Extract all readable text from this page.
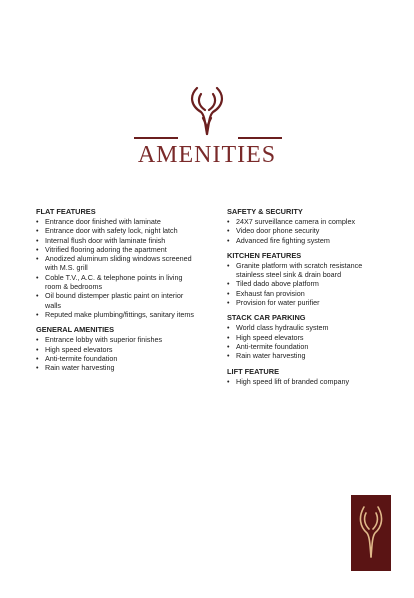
AMENITIES
FLAT FEATURES
• Entrance door finished with laminate
• Entrance door with safety lock, night latch
• Internal flush door with laminate finish
• Vitrified flooring adoring the apartment
• Anodized aluminum sliding windows screened with M.S. grill
• Coble T.V., A.C. & telephone points in living room & bedrooms
• Oil bound distemper plastic paint on interior walls
• Reputed make plumbing/fittings, sanitary items
GENERAL AMENITIES
• Entrance lobby with superior finishes
• High speed elevators
• Anti-termite foundation
• Rain water harvesting
SAFETY & SECURITY
• 24X7 surveillance camera in complex
• Video door phone security
• Advanced fire fighting system
KITCHEN FEATURES
• Granite platform with scratch resistance stainless steel sink & drain board
• Tiled dado above platform
• Exhaust fan provision
• Provision for water purifier
STACK CAR PARKING
• World class hydraulic system
• High speed elevators
• Anti-termite foundation
• Rain water harvesting
LIFT FEATURE
• High speed lift of branded company
